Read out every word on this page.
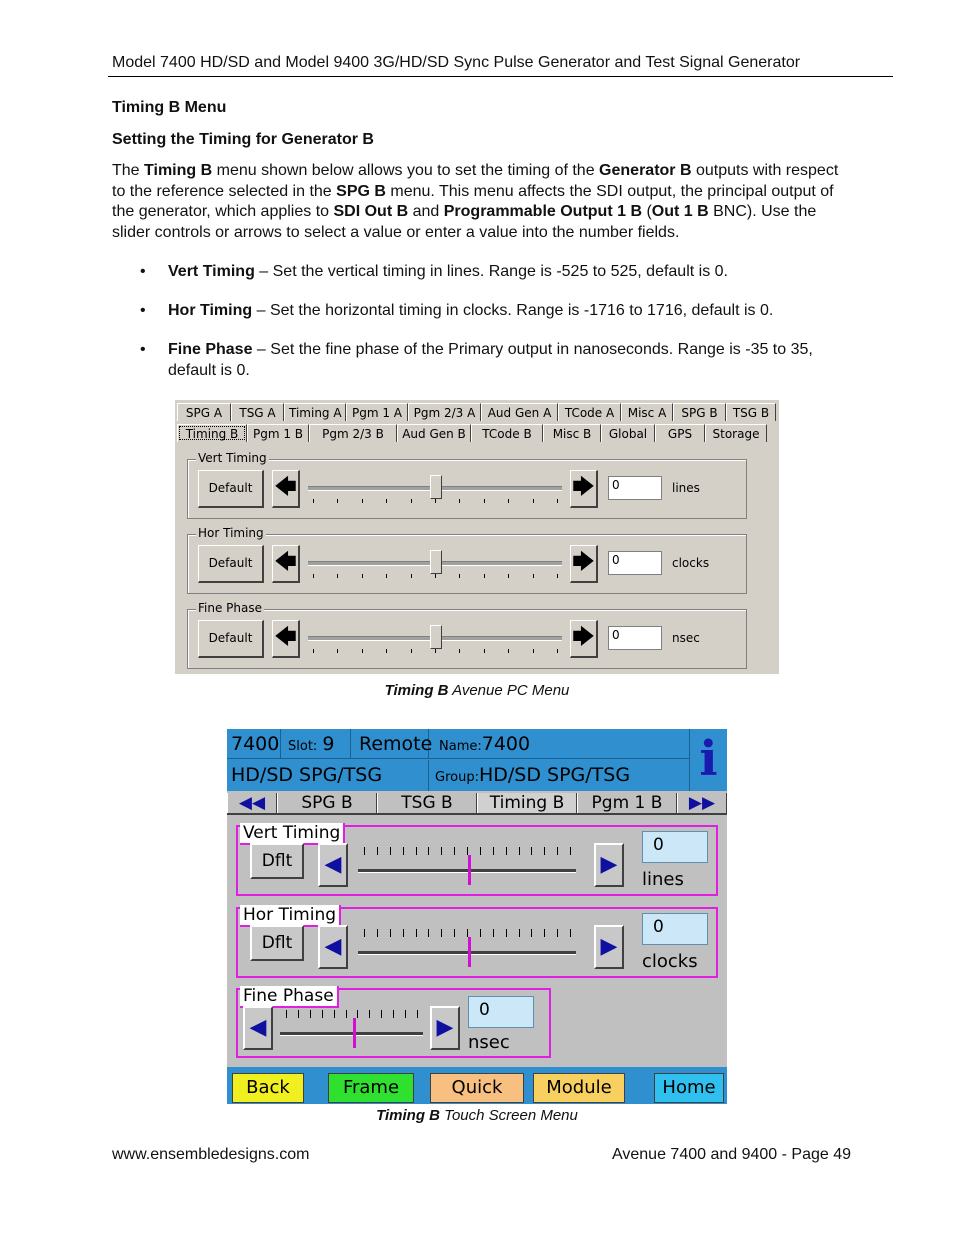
Model 7400 HD/SD and Model 9400 3G/HD/SD Sync Pulse Generator and Test Signal Generator
Timing B Menu
Setting the Timing for Generator B
The Timing B menu shown below allows you to set the timing of the Generator B outputs with respect to the reference selected in the SPG B menu. This menu affects the SDI output, the principal output of the generator, which applies to SDI Out B and Programmable Output 1 B (Out 1 B BNC). Use the slider controls or arrows to select a value or enter a value into the number fields.
• Vert Timing – Set the vertical timing in lines. Range is -525 to 525, default is 0.
• Hor Timing – Set the horizontal timing in clocks. Range is -1716 to 1716, default is 0.
• Fine Phase – Set the fine phase of the Primary output in nanoseconds. Range is -35 to 35, default is 0.
SPG A	TSG A	Timing A Pgm 1 A Pgm 2/3 A	Aud Gen A	TCode A	Misc A	SPG B	TSG B
Timing B	Pgm 1 B	Pgm 2/3 B	Aud Gen B	TCode B	Misc B	Global	GPS	Storage
Vert Timing
Default 🡄	🡆	0	lines
Hor Timing
Default 🡄	🡆	0	clocks
Fine Phase
Default 🡄	🡆	0	nsec
Timing B Avenue PC Menu
7400 Slot: 9	Remote Name:7400
HD/SD SPG/TSG	Group:HD/SD SPG/TSG	i
◀◀	SPG B	TSG B	Timing B	Pgm 1 B	▶▶
Vert Timing
Dflt	◀	▶
0
lines
Hor Timing
Dflt	◀	▶
0
clocks
Fine Phase
◀	▶
0
nsec
Back	Frame	Quick	Module	Home
Timing B Touch Screen Menu
www.ensembledesigns.com	Avenue 7400 and 9400 - Page 49
